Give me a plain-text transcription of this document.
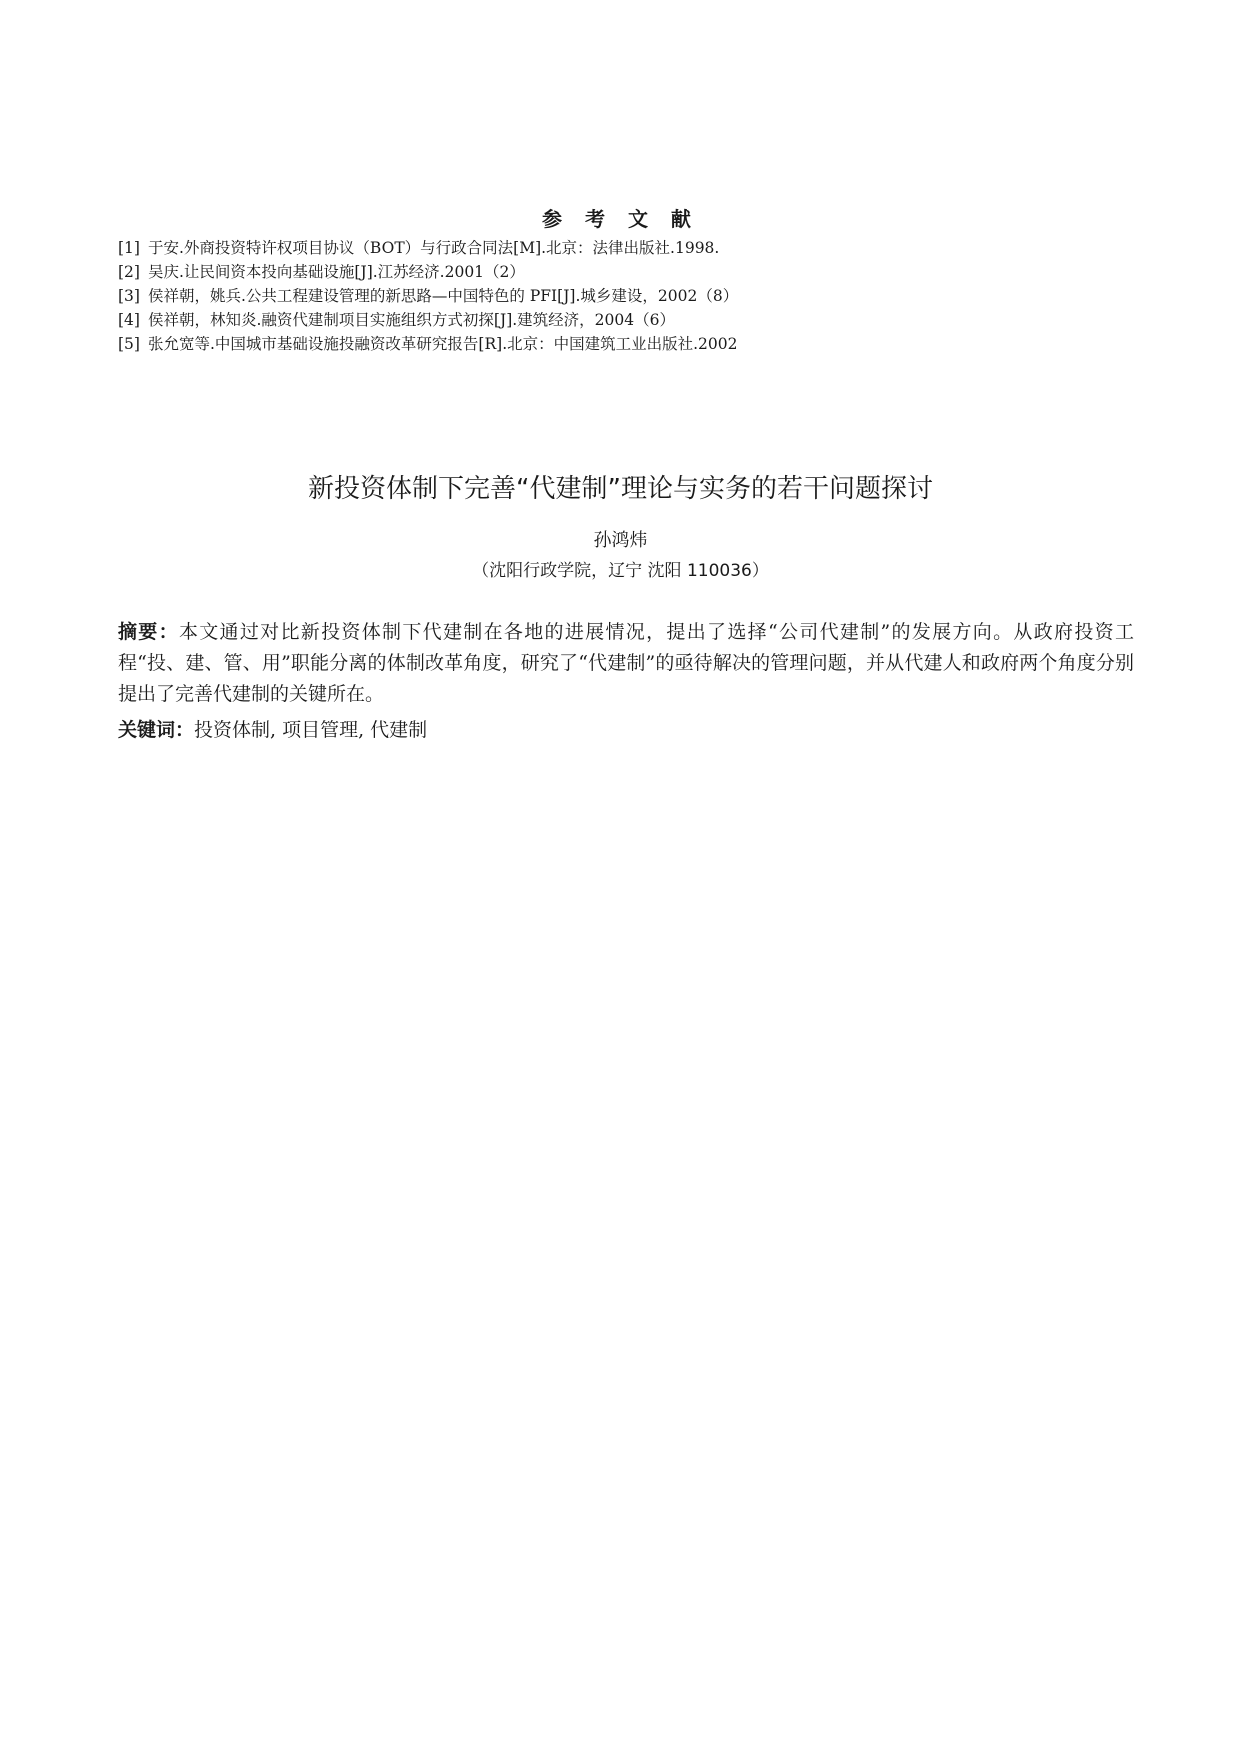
参 考 文 献
[1] 于安.外商投资特许权项目协议（BOT）与行政合同法[M].北京：法律出版社.1998.
[2] 吴庆.让民间资本投向基础设施[J].江苏经济.2001（2）
[3] 侯祥朝，姚兵.公共工程建设管理的新思路—中国特色的 PFI[J].城乡建设，2002（8）
[4] 侯祥朝，林知炎.融资代建制项目实施组织方式初探[J].建筑经济，2004（6）
[5] 张允宽等.中国城市基础设施投融资改革研究报告[R].北京：中国建筑工业出版社.2002
新投资体制下完善“代建制”理论与实务的若干问题探讨
孙鸿炜
（沈阳行政学院，辽宁 沈阳 110036）
摘要：本文通过对比新投资体制下代建制在各地的进展情况，提出了选择“公司代建制”的发展方向。从政府投资工程“投、建、管、用”职能分离的体制改革角度，研究了“代建制”的亟待解决的管理问题，并从代建人和政府两个角度分别提出了完善代建制的关键所在。
关键词：投资体制, 项目管理, 代建制
